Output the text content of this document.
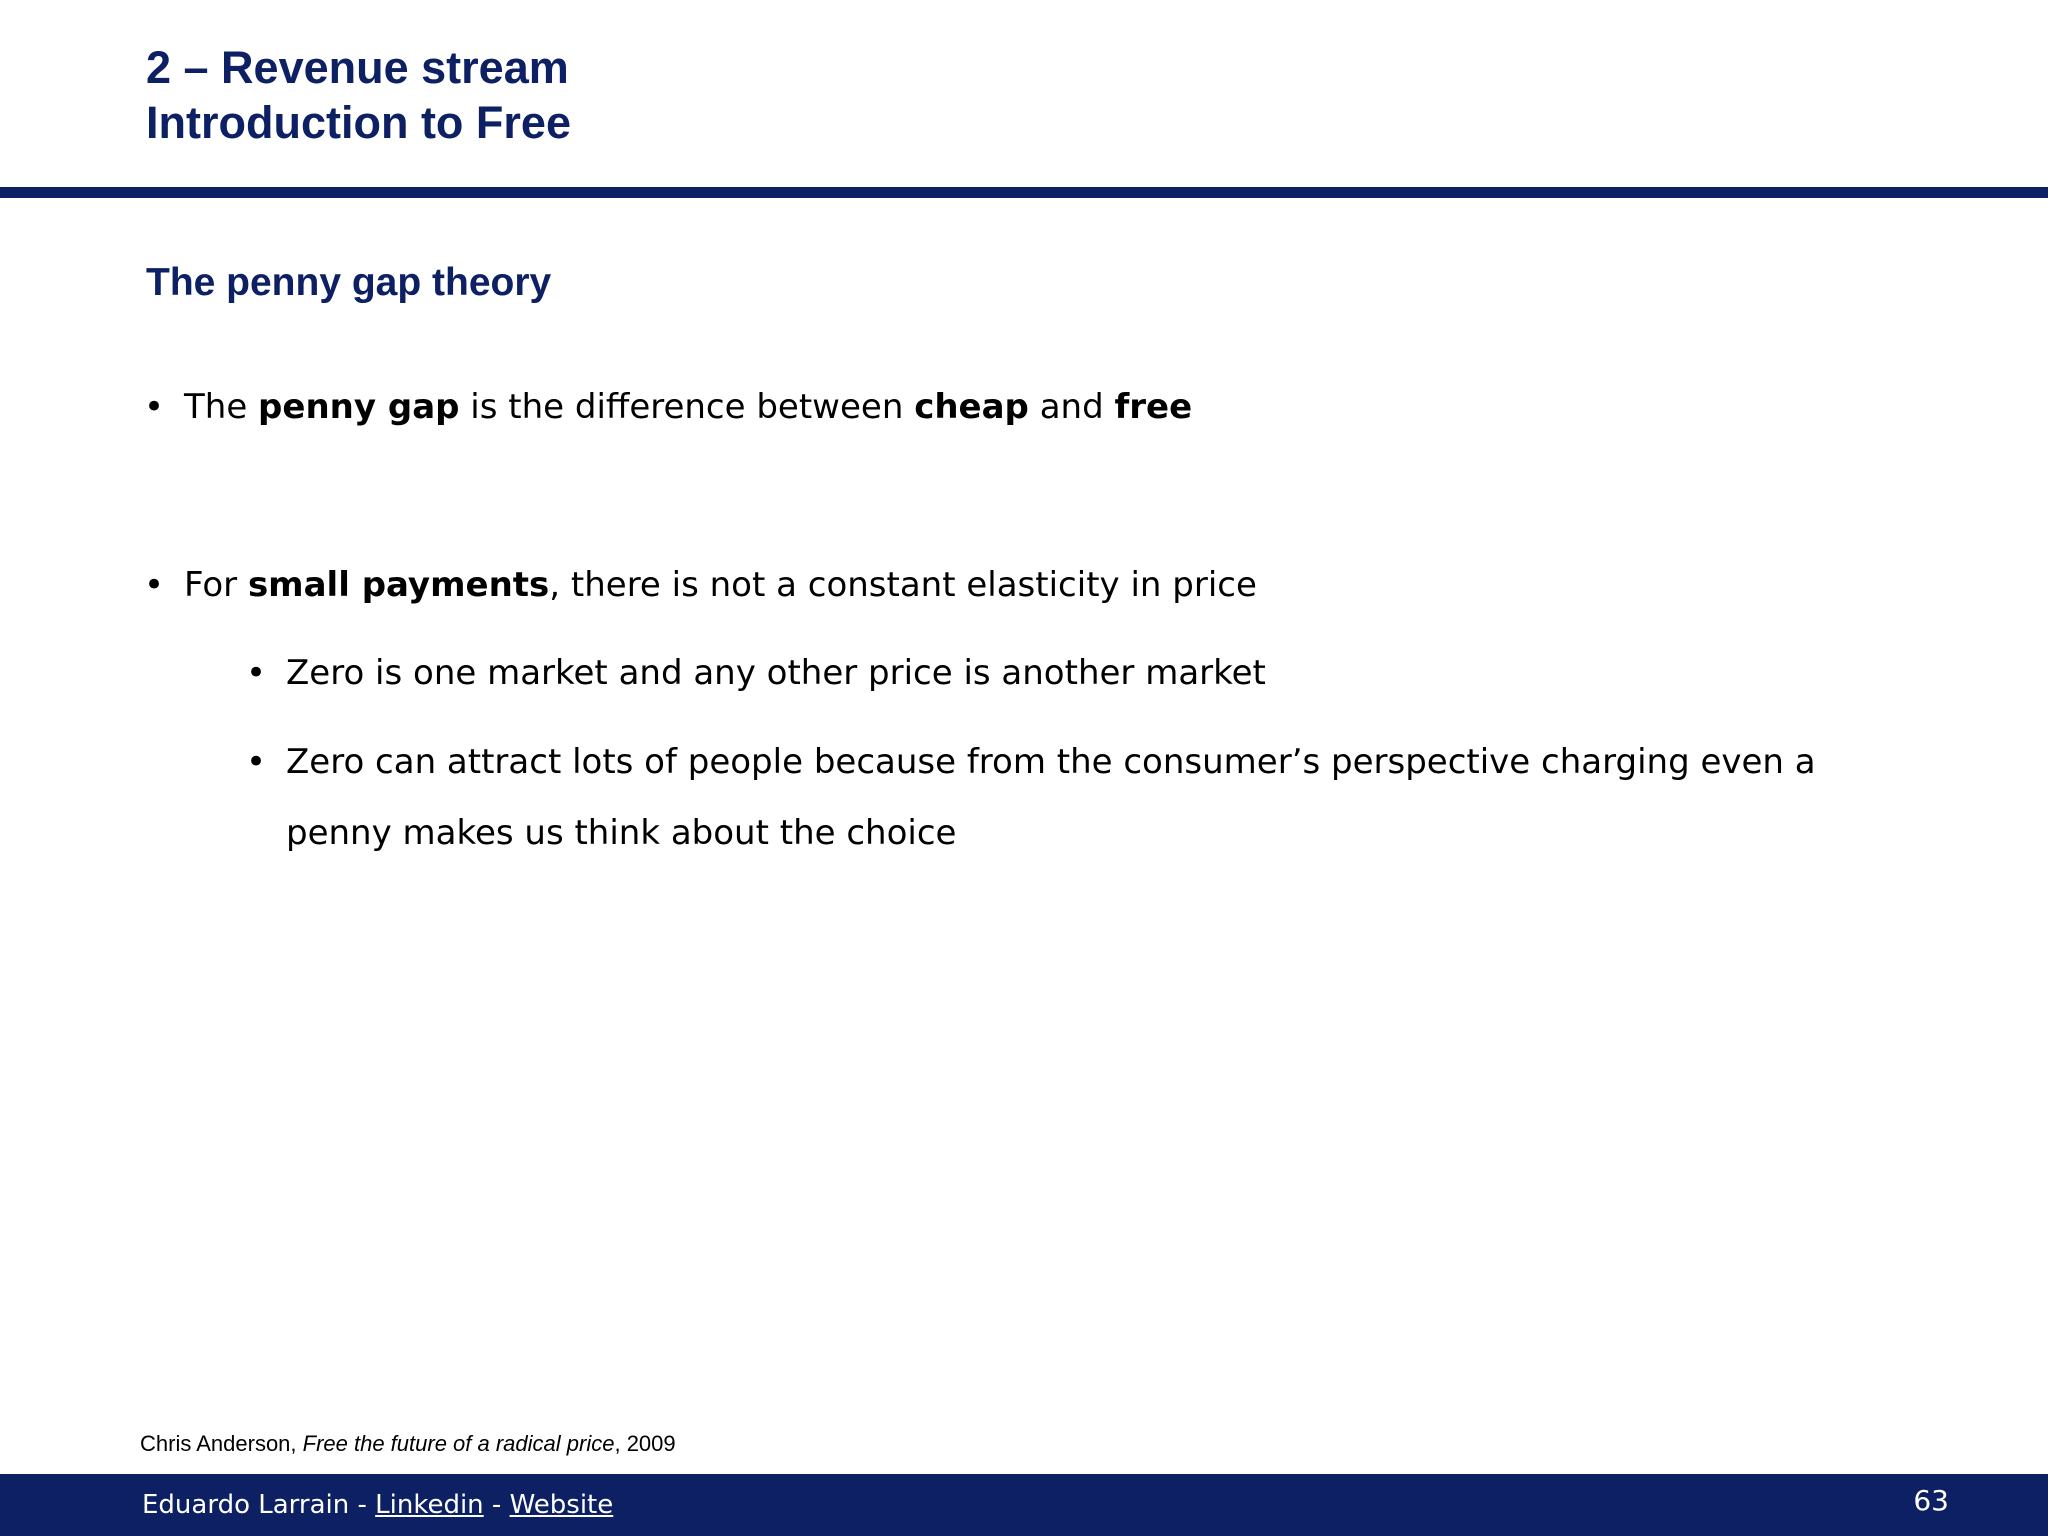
2 – Revenue stream
Introduction to Free
The penny gap theory
• The penny gap is the difference between cheap and free
• For small payments, there is not a constant elasticity in price
• Zero is one market and any other price is another market
• Zero can attract lots of people because from the consumer’s perspective charging even a penny makes us think about the choice
Chris Anderson, Free the future of a radical price, 2009
Eduardo Larrain - Linkedin - Website	63
